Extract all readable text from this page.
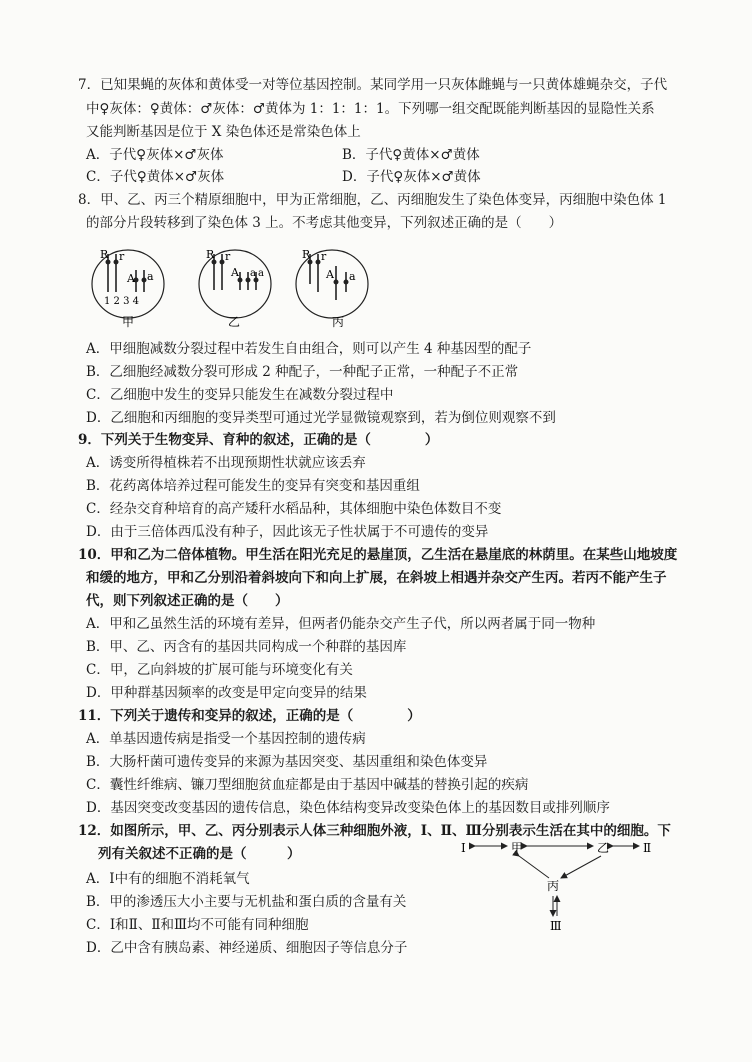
7．已知果蝇的灰体和黄体受一对等位基因控制。某同学用一只灰体雌蝇与一只黄体雄蝇杂交，子代
中♀灰体：♀黄体：♂灰体：♂黄体为 1：1：1：1。下列哪一组交配既能判断基因的显隐性关系
又能判断基因是位于 X 染色体还是常染色体上
A．子代♀灰体×♂灰体	B．子代♀黄体×♂黄体
C．子代♀黄体×♂灰体	D．子代♀灰体×♂黄体
8．甲、乙、丙三个精原细胞中，甲为正常细胞，乙、丙细胞发生了染色体变异，丙细胞中染色体 1
的部分片段转移到了染色体 3 上。不考虑其他变异，下列叙述正确的是（　　）
R r
A a
1 2 3 4
甲
R r
A a a
乙
R r
A a
丙
A．甲细胞减数分裂过程中若发生自由组合，则可以产生 4 种基因型的配子
B．乙细胞经减数分裂可形成 2 种配子，一种配子正常，一种配子不正常
C．乙细胞中发生的变异只能发生在减数分裂过程中
D．乙细胞和丙细胞的变异类型可通过光学显微镜观察到，若为倒位则观察不到
9．下列关于生物变异、育种的叙述，正确的是（　　　　）
A．诱变所得植株若不出现预期性状就应该丢弃
B．花药离体培养过程可能发生的变异有突变和基因重组
C．经杂交育种培育的高产矮秆水稻品种，其体细胞中染色体数目不变
D．由于三倍体西瓜没有种子，因此该无子性状属于不可遗传的变异
10．甲和乙为二倍体植物。甲生活在阳光充足的悬崖顶，乙生活在悬崖底的林荫里。在某些山地坡度
和缓的地方，甲和乙分别沿着斜坡向下和向上扩展，在斜坡上相遇并杂交产生丙。若丙不能产生子
代，则下列叙述正确的是（　　）
A．甲和乙虽然生活的环境有差异，但两者仍能杂交产生子代，所以两者属于同一物种
B．甲、乙、丙含有的基因共同构成一个种群的基因库
C．甲，乙向斜坡的扩展可能与环境变化有关
D．甲种群基因频率的改变是甲定向变异的结果
11．下列关于遗传和变异的叙述，正确的是（　　　　）
A．单基因遗传病是指受一个基因控制的遗传病
B．大肠杆菌可遗传变异的来源为基因突变、基因重组和染色体变异
C．囊性纤维病、镰刀型细胞贫血症都是由于基因中碱基的替换引起的疾病
D．基因突变改变基因的遗传信息，染色体结构变异改变染色体上的基因数目或排列顺序
12．如图所示，甲、乙、丙分别表示人体三种细胞外液，Ⅰ、Ⅱ、Ⅲ分别表示生活在其中的细胞。下
列有关叙述不正确的是（　　　）
A．Ⅰ中有的细胞不消耗氧气
B．甲的渗透压大小主要与无机盐和蛋白质的含量有关
C．Ⅰ和Ⅱ、Ⅱ和Ⅲ均不可能有同种细胞
D．乙中含有胰岛素、神经递质、细胞因子等信息分子
Ⅰ	甲	乙	Ⅱ
丙
Ⅲ
